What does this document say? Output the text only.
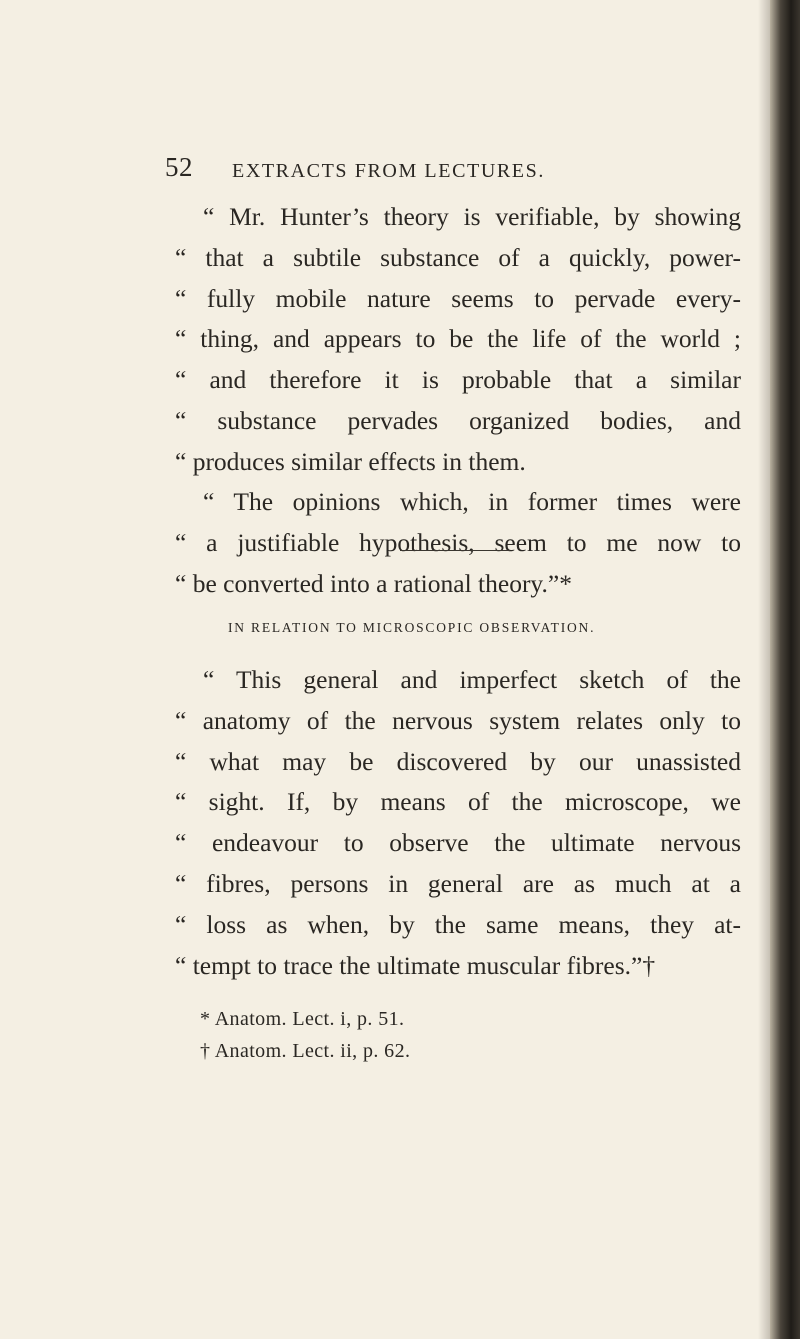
52 EXTRACTS FROM LECTURES.
“ Mr. Hunter’s theory is verifiable, by showing
“ that a subtile substance of a quickly, power-
“ fully mobile nature seems to pervade every-
“ thing, and appears to be the life of the world ;
“ and therefore it is probable that a similar
“ substance pervades organized bodies, and
“ produces similar effects in them.
“ The opinions which, in former times were
“ a justifiable hypothesis, seem to me now to
“ be converted into a rational theory.”*
IN RELATION TO MICROSCOPIC OBSERVATION.
“ This general and imperfect sketch of the
“ anatomy of the nervous system relates only to
“ what may be discovered by our unassisted
“ sight. If, by means of the microscope, we
“ endeavour to observe the ultimate nervous
“ fibres, persons in general are as much at a
“ loss as when, by the same means, they at-
“ tempt to trace the ultimate muscular fibres.”†
* Anatom. Lect. i, p. 51.
† Anatom. Lect. ii, p. 62.
